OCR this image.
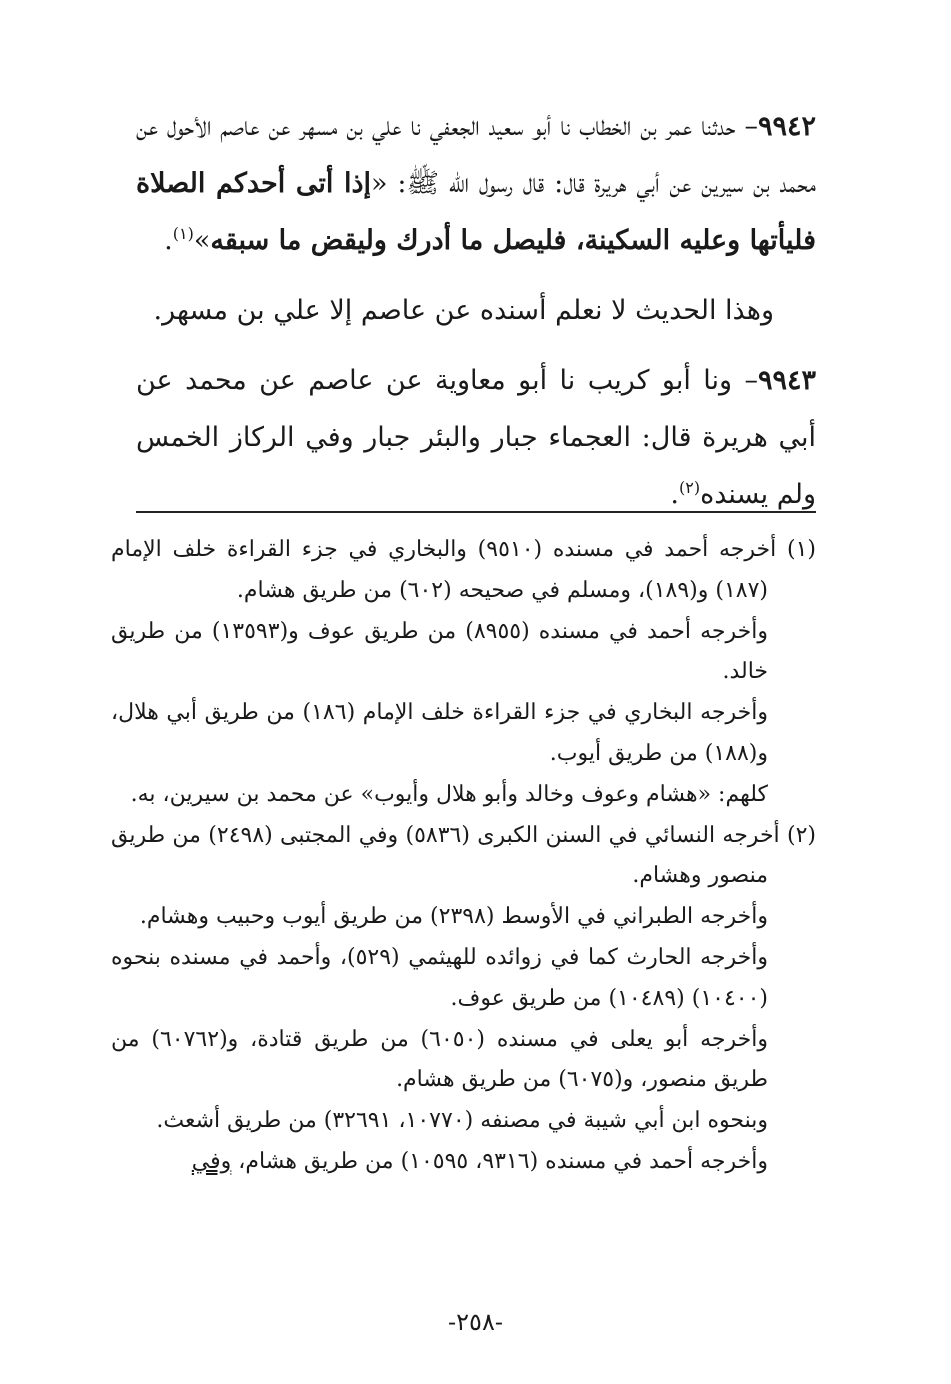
٩٩٤٢– حدثنا عمر بن الخطاب نا أبو سعيد الجعفي نا علي بن مسهر عن عاصم الأحول عن محمد بن سيرين عن أبي هريرة قال: قال رسول الله ﷺ: «إذا أتى أحدكم الصلاة فليأتها وعليه السكينة، فليصل ما أدرك وليقض ما سبقه»$^{(١)}$.

وهذا الحديث لا نعلم أسنده عن عاصم إلا علي بن مسهر.

٩٩٤٣– ونا أبو كريب نا أبو معاوية عن عاصم عن محمد عن أبي هريرة قال: العجماء جبار والبئر جبار وفي الركاز الخمس ولم يسنده$^{(٢)}$.

(١) أخرجه أحمد في مسنده (٩٥١٠) والبخاري في جزء القراءة خلف الإمام (١٨٧) و(١٨٩)، ومسلم في صحيحه (٦٠٢) من طريق هشام.

وأخرجه أحمد في مسنده (٨٩٥٥) من طريق عوف و(١٣٥٩٣) من طريق خالد.

وأخرجه البخاري في جزء القراءة خلف الإمام (١٨٦) من طريق أبي هلال، و(١٨٨) من طريق أيوب.

كلهم: «هشام وعوف وخالد وأبو هلال وأيوب» عن محمد بن سيرين، به.

(٢) أخرجه النسائي في السنن الكبرى (٥٨٣٦) وفي المجتبى (٢٤٩٨) من طريق منصور وهشام.

وأخرجه الطبراني في الأوسط (٢٣٩٨) من طريق أيوب وحبيب وهشام.

وأخرجه الحارث كما في زوائده للهيثمي (٥٢٩)، وأحمد في مسنده بنحوه (١٠٤٠٠) (١٠٤٨٩) من طريق عوف.

وأخرجه أبو يعلى في مسنده (٦٠٥٠) من طريق قتادة، و(٦٠٧٦٢) من طريق منصور، و(٦٠٧٥) من طريق هشام.

وبنحوه ابن أبي شيبة في مصنفه (١٠٧٧٠، ٣٢٦٩١) من طريق أشعث.

وأخرجه أحمد في مسنده (٩٣١٦، ١٠٥٩٥) من طريق هشام، وفي

-٢٥٨-
